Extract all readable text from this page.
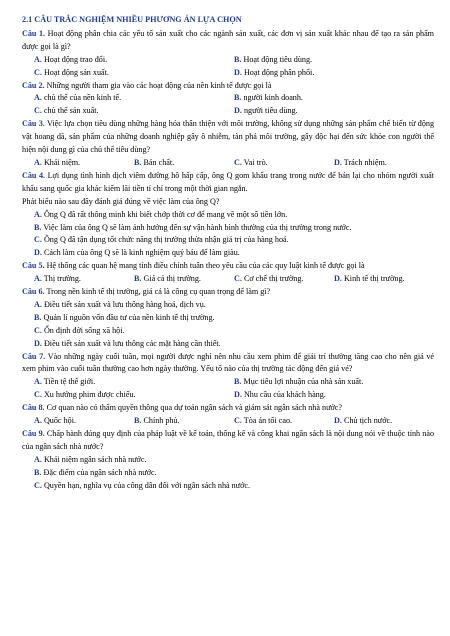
2.1 CÂU TRẮC NGHIỆM NHIỀU PHƯƠNG ÁN LỰA CHỌN
Câu 1. Hoạt động phân chia các yếu tố sản xuất cho các ngành sản xuất, các đơn vị sản xuất khác nhau để tạo ra sản phẩm được gọi là gì?
A. Hoạt động trao đổi.	B. Hoạt động tiêu dùng.
C. Hoạt động sản xuất.	D. Hoạt động phân phối.
Câu 2. Những người tham gia vào các hoạt động của nền kinh tế được gọi là
A. chủ thể của nền kinh tế.	B. người kinh doanh.
C. chủ thể sản xuất.	D. người tiêu dùng.
Câu 3. Việc lựa chọn tiêu dùng những hàng hóa thân thiện với môi trường, không sử dụng những sản phẩm chế biến từ động vật hoang dã, sản phẩm của những doanh nghiệp gây ô nhiễm, tàn phá môi trường, gây độc hại đến sức khỏe con người thể hiện nội dung gì của chủ thể tiêu dùng?
A. Khái niệm.	B. Bản chất.	C. Vai trò.	D. Trách nhiệm.
Câu 4. Lợi dụng tình hình dịch viêm đường hô hấp cấp, ông Q gom khẩu trang trong nước để bán lại cho nhóm người xuất khẩu sang quốc gia khác kiếm lãi tiền tỉ chỉ trong một thời gian ngắn.
Phát biểu nào sau đây đánh giá đúng về việc làm của ông Q?
A. Ông Q đã rất thông minh khi biết chớp thời cơ để mang về một số tiền lớn.
B. Việc làm của ông Q sẽ làm ảnh hưởng đến sự vận hành bình thường của thị trường trong nước.
C. Ông Q đã tận dụng tốt chức năng thị trường thừa nhận giá trị của hàng hoá.
D. Cách làm của ông Q sẽ là kinh nghiệm quý báu để làm giàu.
Câu 5. Hệ thống các quan hệ mang tính điều chỉnh tuân theo yêu cầu của các quy luật kinh tế được gọi là
A. Thị trường.	B. Giá cả thị trường.	C. Cơ chế thị trường.	D. Kinh tế thị trường.
Câu 6. Trong nền kinh tế thị trường, giá cả là công cụ quan trọng để làm gì?
A. Điều tiết sản xuất và lưu thông hàng hoá, dịch vụ.
B. Quản lí nguồn vốn đầu tư của nền kinh tế thị trường.
C. Ổn định đời sống xã hội.
D. Điều tiết sản xuất và lưu thông các mặt hàng cần thiết.
Câu 7. Vào những ngày cuối tuần, mọi người được nghỉ nên nhu cầu xem phim để giải trí thường tăng cao cho nên giá vé xem phim vào cuối tuần thường cao hơn ngày thường. Yếu tố nào của thị trường tác động đến giá vé?
A. Tiền tệ thế giới.	B. Mục tiêu lợi nhuận của nhà sản xuất.
C. Xu hướng phim được chiếu.	D. Nhu cầu của khách hàng.
Câu 8. Cơ quan nào có thẩm quyền thông qua dự toán ngân sách và giám sát ngân sách nhà nước?
A. Quốc hội.	B. Chính phủ.	C. Tòa án tối cao.	D. Chủ tịch nước.
Câu 9. Chấp hành đúng quy định của pháp luật về kế toán, thống kê và công khai ngân sách là nội dung nói về thuộc tính nào của ngân sách nhà nước?
A. Khái niệm ngân sách nhà nước.
B. Đặc điểm của ngân sách nhà nước.
C. Quyền hạn, nghĩa vụ của công dân đối với ngân sách nhà nước.
